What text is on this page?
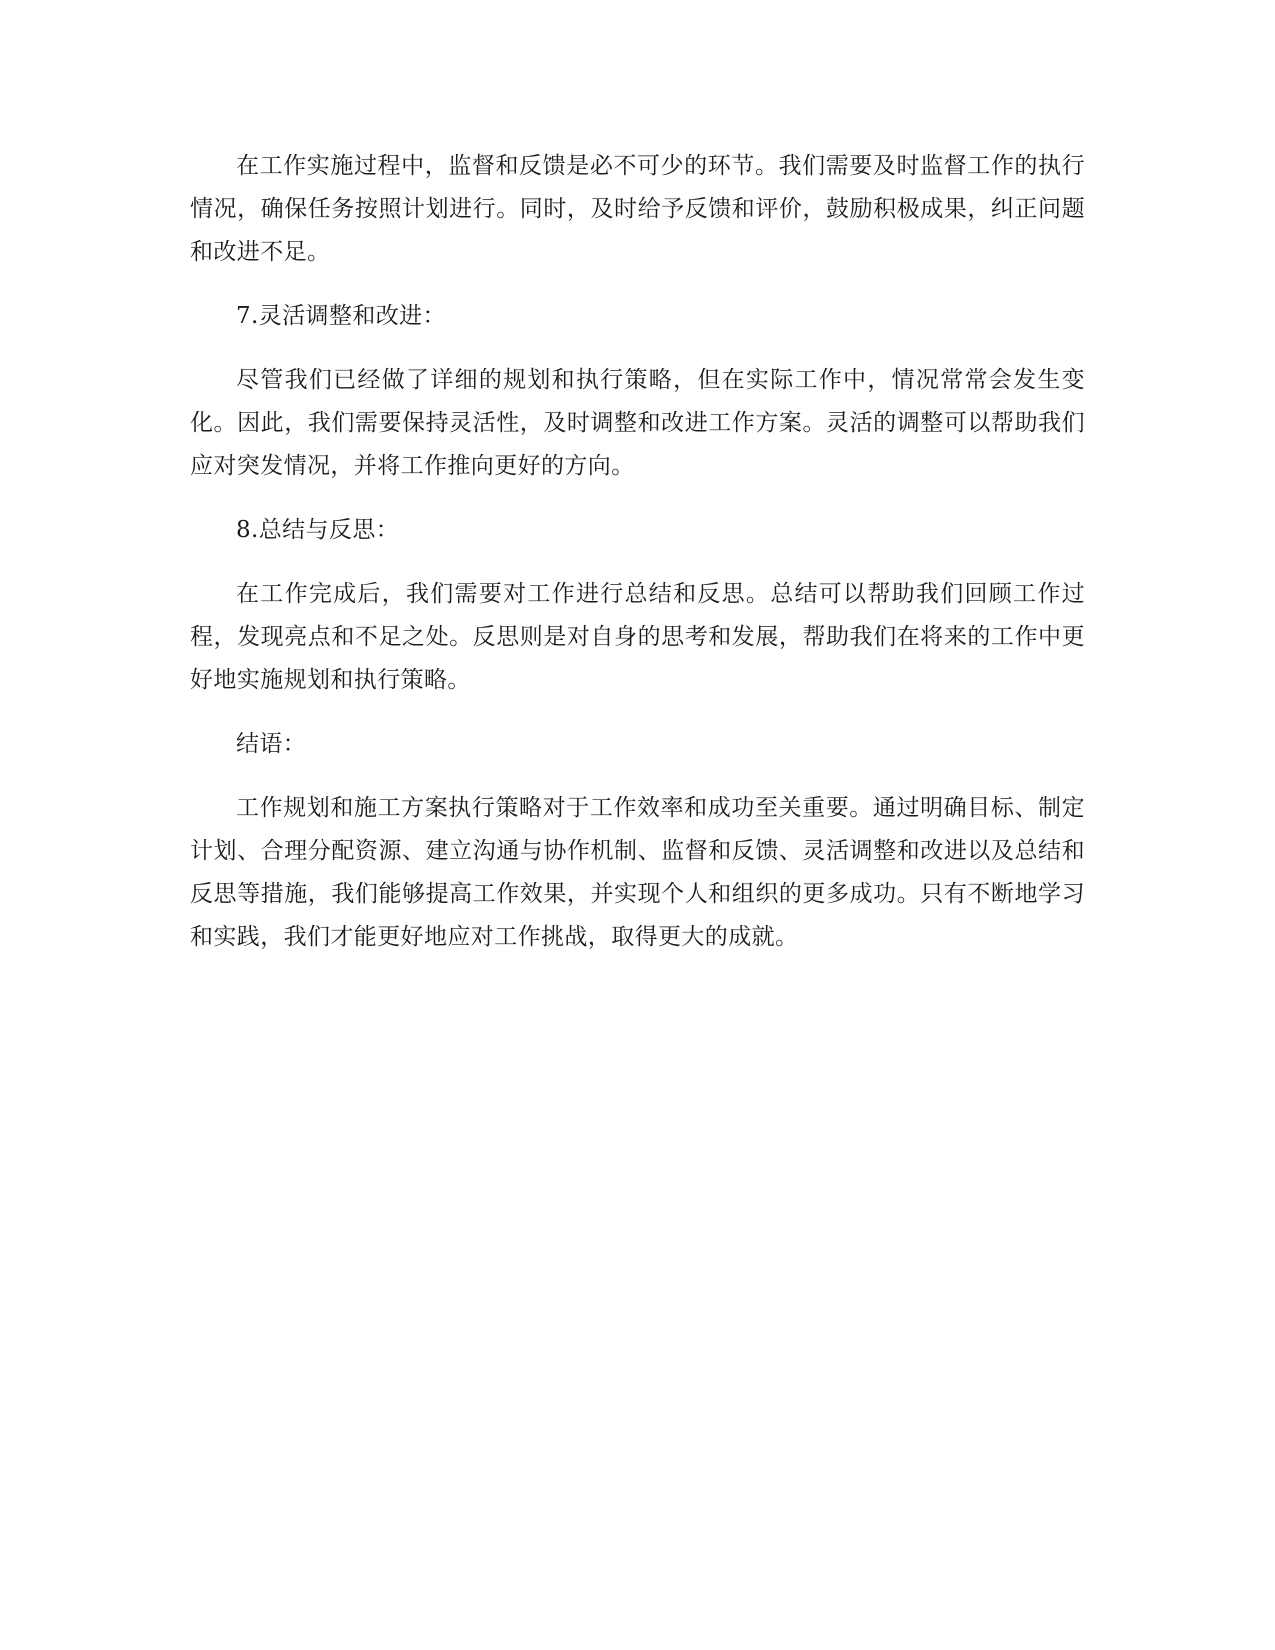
在工作实施过程中，监督和反馈是必不可少的环节。我们需要及时监督工作的执行情况，确保任务按照计划进行。同时，及时给予反馈和评价，鼓励积极成果，纠正问题和改进不足。

7.灵活调整和改进：

尽管我们已经做了详细的规划和执行策略，但在实际工作中，情况常常会发生变化。因此，我们需要保持灵活性，及时调整和改进工作方案。灵活的调整可以帮助我们应对突发情况，并将工作推向更好的方向。

8.总结与反思：

在工作完成后，我们需要对工作进行总结和反思。总结可以帮助我们回顾工作过程，发现亮点和不足之处。反思则是对自身的思考和发展，帮助我们在将来的工作中更好地实施规划和执行策略。

结语：

工作规划和施工方案执行策略对于工作效率和成功至关重要。通过明确目标、制定计划、合理分配资源、建立沟通与协作机制、监督和反馈、灵活调整和改进以及总结和反思等措施，我们能够提高工作效果，并实现个人和组织的更多成功。只有不断地学习和实践，我们才能更好地应对工作挑战，取得更大的成就。
